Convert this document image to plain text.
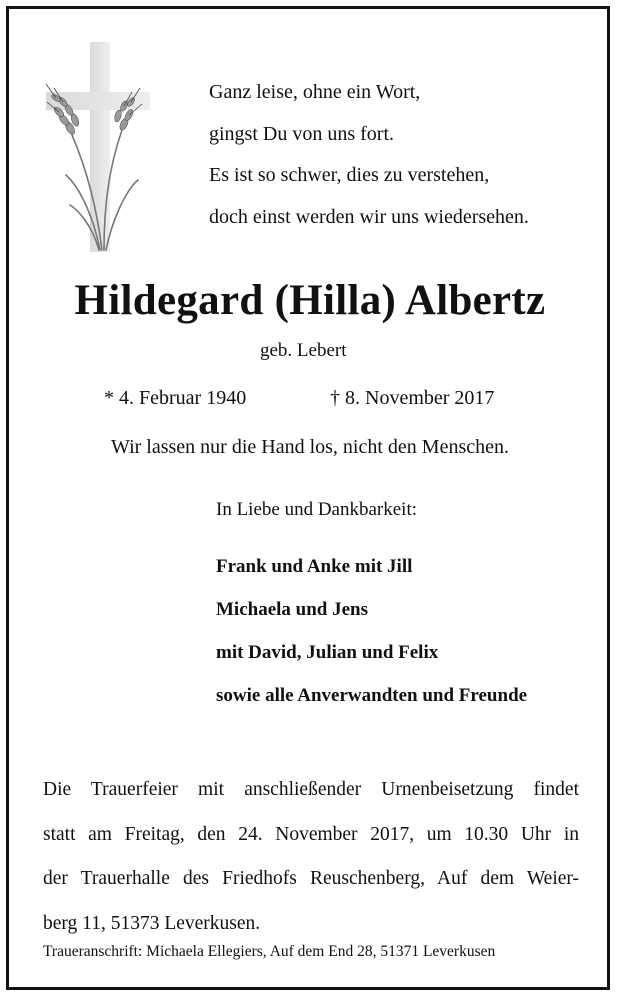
Ganz leise, ohne ein Wort,
gingst Du von uns fort.
Es ist so schwer, dies zu verstehen,
doch einst werden wir uns wiedersehen.
Hildegard (Hilla) Albertz
geb. Lebert
* 4. Februar 1940	† 8. November 2017
Wir lassen nur die Hand los, nicht den Menschen.
In Liebe und Dankbarkeit:
Frank und Anke mit Jill
Michaela und Jens
mit David, Julian und Felix
sowie alle Anverwandten und Freunde
Die Trauerfeier mit anschließender Urnenbeisetzung findet
statt am Freitag, den 24. November 2017, um 10.30 Uhr in
der Trauerhalle des Friedhofs Reuschenberg, Auf dem Weier-
berg 11, 51373 Leverkusen.
Traueranschrift: Michaela Ellegiers, Auf dem End 28, 51371 Leverkusen
